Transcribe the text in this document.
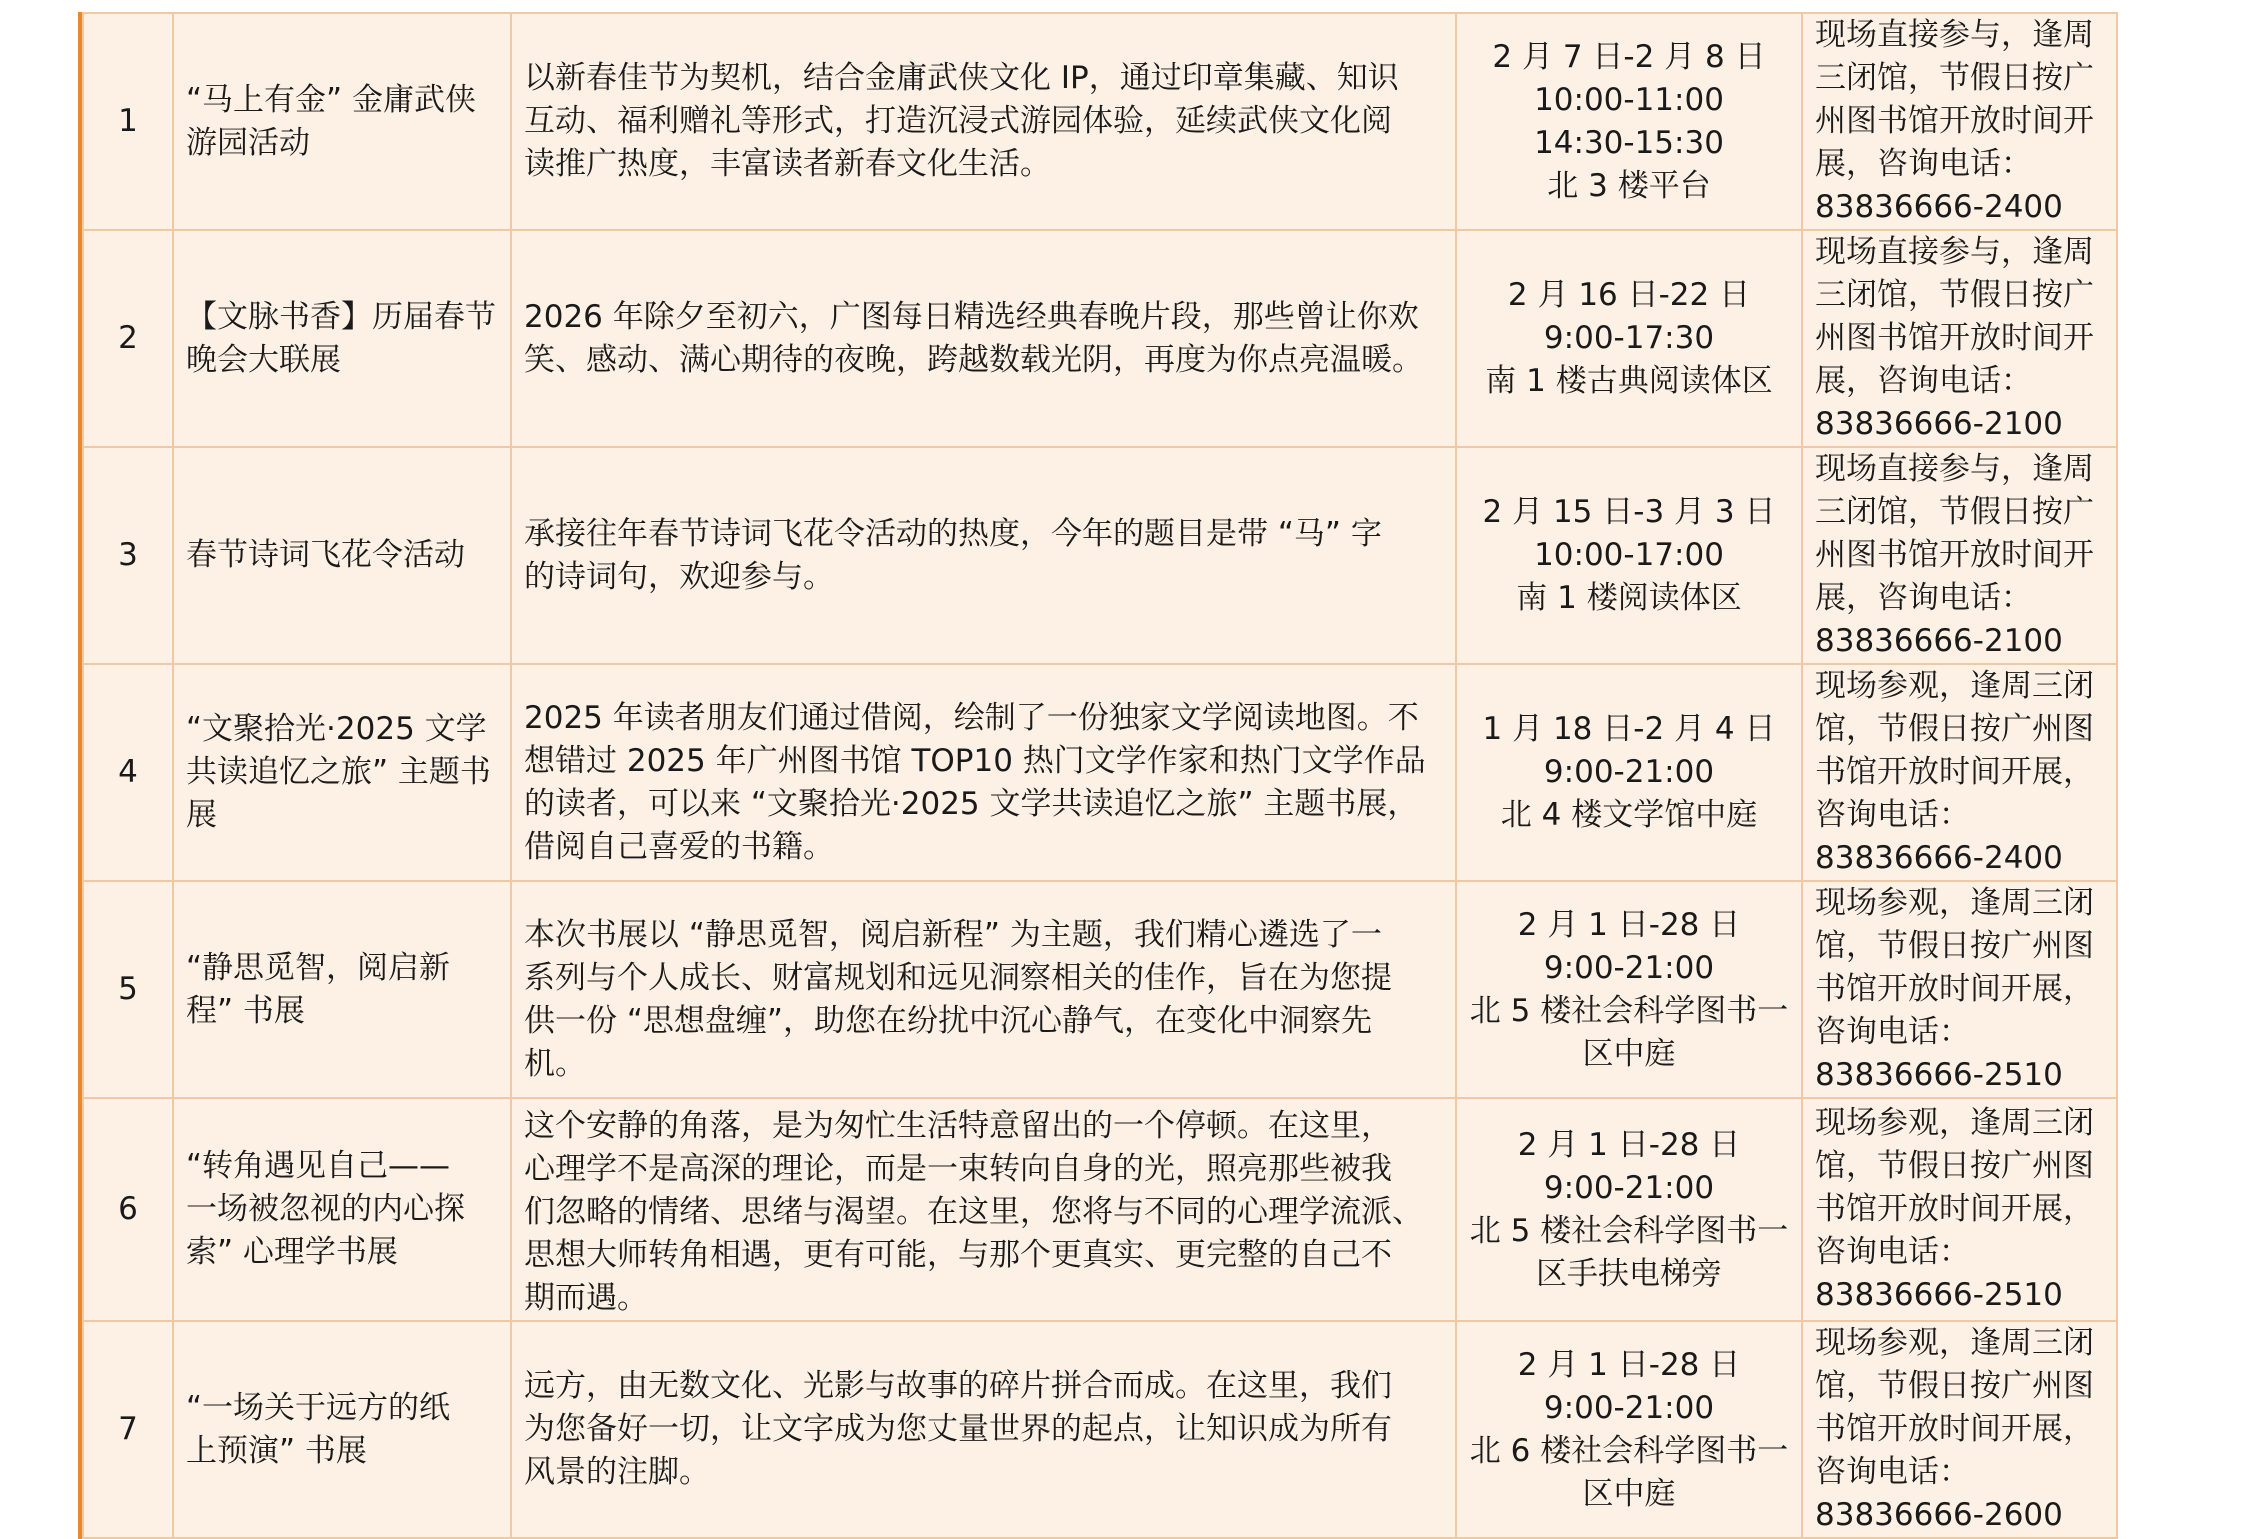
1	“马上有金” 金庸武侠
游园活动	以新春佳节为契机，结合金庸武侠文化 IP，通过印章集藏、知识
互动、福利赠礼等形式，打造沉浸式游园体验，延续武侠文化阅
读推广热度，丰富读者新春文化生活。	2 月 7 日-2 月 8 日
10:00-11:00
14:30-15:30
北 3 楼平台	现场直接参与，逢周
三闭馆，节假日按广
州图书馆开放时间开
展，咨询电话：
83836666-2400

2	【文脉书香】历届春节
晚会大联展	2026 年除夕至初六，广图每日精选经典春晚片段，那些曾让你欢
笑、感动、满心期待的夜晚，跨越数载光阴，再度为你点亮温暖。	2 月 16 日-22 日
9:00-17:30
南 1 楼古典阅读体区	现场直接参与，逢周
三闭馆，节假日按广
州图书馆开放时间开
展，咨询电话：
83836666-2100

3	春节诗词飞花令活动	承接往年春节诗词飞花令活动的热度，今年的题目是带 “马” 字
的诗词句，欢迎参与。	2 月 15 日-3 月 3 日
10:00-17:00
南 1 楼阅读体区	现场直接参与，逢周
三闭馆，节假日按广
州图书馆开放时间开
展，咨询电话：
83836666-2100

4	“文聚拾光·2025 文学
共读追忆之旅” 主题书
展	2025 年读者朋友们通过借阅，绘制了一份独家文学阅读地图。不
想错过 2025 年广州图书馆 TOP10 热门文学作家和热门文学作品
的读者，可以来 “文聚拾光·2025 文学共读追忆之旅” 主题书展，
借阅自己喜爱的书籍。	1 月 18 日-2 月 4 日
9:00-21:00
北 4 楼文学馆中庭	现场参观，逢周三闭
馆，节假日按广州图
书馆开放时间开展，
咨询电话：
83836666-2400

5	“静思觅智，阅启新
程” 书展	本次书展以 “静思觅智，阅启新程” 为主题，我们精心遴选了一
系列与个人成长、财富规划和远见洞察相关的佳作，旨在为您提
供一份 “思想盘缠”，助您在纷扰中沉心静气，在变化中洞察先
机。	2 月 1 日-28 日
9:00-21:00
北 5 楼社会科学图书一
区中庭	现场参观，逢周三闭
馆，节假日按广州图
书馆开放时间开展，
咨询电话：
83836666-2510

6	“转角遇见自己——
一场被忽视的内心探
索” 心理学书展	这个安静的角落，是为匆忙生活特意留出的一个停顿。在这里，
心理学不是高深的理论，而是一束转向自身的光，照亮那些被我
们忽略的情绪、思绪与渴望。在这里，您将与不同的心理学流派、
思想大师转角相遇，更有可能，与那个更真实、更完整的自己不
期而遇。	2 月 1 日-28 日
9:00-21:00
北 5 楼社会科学图书一
区手扶电梯旁	现场参观，逢周三闭
馆，节假日按广州图
书馆开放时间开展，
咨询电话：
83836666-2510

7	“一场关于远方的纸
上预演” 书展	远方，由无数文化、光影与故事的碎片拼合而成。在这里，我们
为您备好一切，让文字成为您丈量世界的起点，让知识成为所有
风景的注脚。	2 月 1 日-28 日
9:00-21:00
北 6 楼社会科学图书一
区中庭	现场参观，逢周三闭
馆，节假日按广州图
书馆开放时间开展，
咨询电话：
83836666-2600
